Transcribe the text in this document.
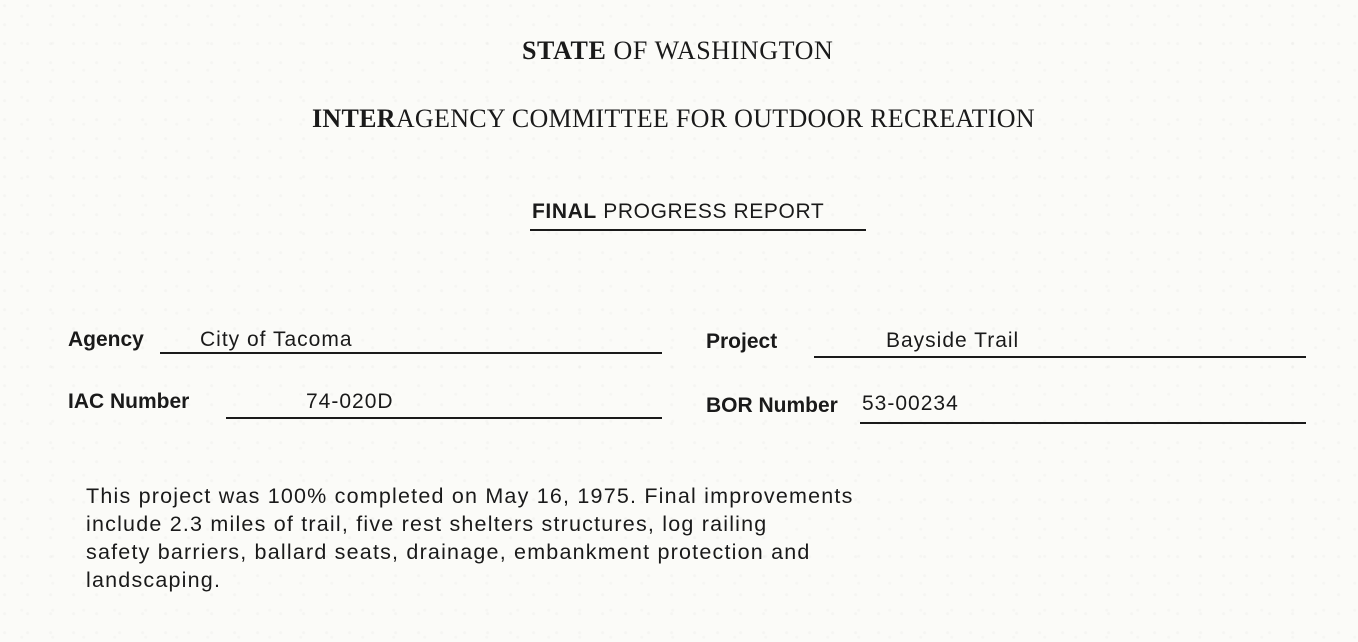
STATE OF WASHINGTON
INTERAGENCY COMMITTEE FOR OUTDOOR RECREATION
FINAL PROGRESS REPORT
Agency	City of Tacoma	Project	Bayside Trail
IAC Number	74-020D	BOR Number 53-00234
This project was 100% completed on May 16, 1975. Final improvements
include 2.3 miles of trail, five rest shelters structures, log railing
safety barriers, ballard seats, drainage, embankment protection and
landscaping.
